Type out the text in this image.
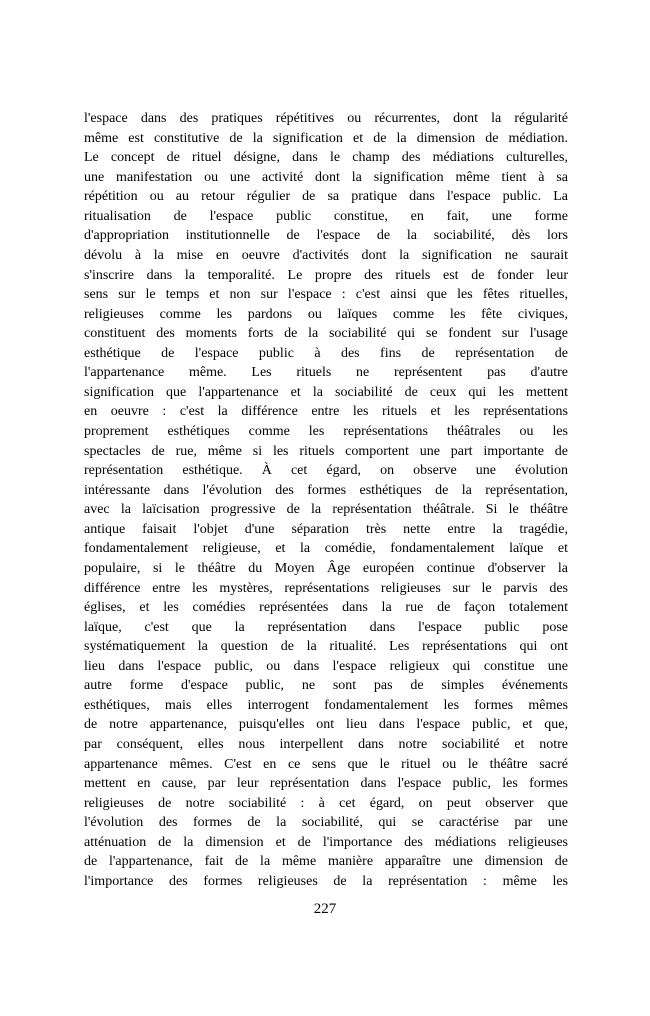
l'espace dans des pratiques répétitives ou récurrentes, dont la régularité
même est constitutive de la signification et de la dimension de médiation.
Le concept de rituel désigne, dans le champ des médiations culturelles,
une manifestation ou une activité dont la signification même tient à sa
répétition ou au retour régulier de sa pratique dans l'espace public. La
ritualisation de l'espace public constitue, en fait, une forme
d'appropriation institutionnelle de l'espace de la sociabilité, dès lors
dévolu à la mise en oeuvre d'activités dont la signification ne saurait
s'inscrire dans la temporalité. Le propre des rituels est de fonder leur
sens sur le temps et non sur l'espace : c'est ainsi que les fêtes rituelles,
religieuses comme les pardons ou laïques comme les fête civiques,
constituent des moments forts de la sociabilité qui se fondent sur l'usage
esthétique de l'espace public à des fins de représentation de
l'appartenance même. Les rituels ne représentent pas d'autre
signification que l'appartenance et la sociabilité de ceux qui les mettent
en oeuvre : c'est la différence entre les rituels et les représentations
proprement esthétiques comme les représentations théâtrales ou les
spectacles de rue, même si les rituels comportent une part importante de
représentation esthétique. À cet égard, on observe une évolution
intéressante dans l'évolution des formes esthétiques de la représentation,
avec la laïcisation progressive de la représentation théâtrale. Si le théâtre
antique faisait l'objet d'une séparation très nette entre la tragédie,
fondamentalement religieuse, et la comédie, fondamentalement laïque et
populaire, si le théâtre du Moyen Âge européen continue d'observer la
différence entre les mystères, représentations religieuses sur le parvis des
églises, et les comédies représentées dans la rue de façon totalement
laïque, c'est que la représentation dans l'espace public pose
systématiquement la question de la ritualité. Les représentations qui ont
lieu dans l'espace public, ou dans l'espace religieux qui constitue une
autre forme d'espace public, ne sont pas de simples événements
esthétiques, mais elles interrogent fondamentalement les formes mêmes
de notre appartenance, puisqu'elles ont lieu dans l'espace public, et que,
par conséquent, elles nous interpellent dans notre sociabilité et notre
appartenance mêmes. C'est en ce sens que le rituel ou le théâtre sacré
mettent en cause, par leur représentation dans l'espace public, les formes
religieuses de notre sociabilité : à cet égard, on peut observer que
l'évolution des formes de la sociabilité, qui se caractérise par une
atténuation de la dimension et de l'importance des médiations religieuses
de l'appartenance, fait de la même manière apparaître une dimension de
l'importance des formes religieuses de la représentation : même les
227
